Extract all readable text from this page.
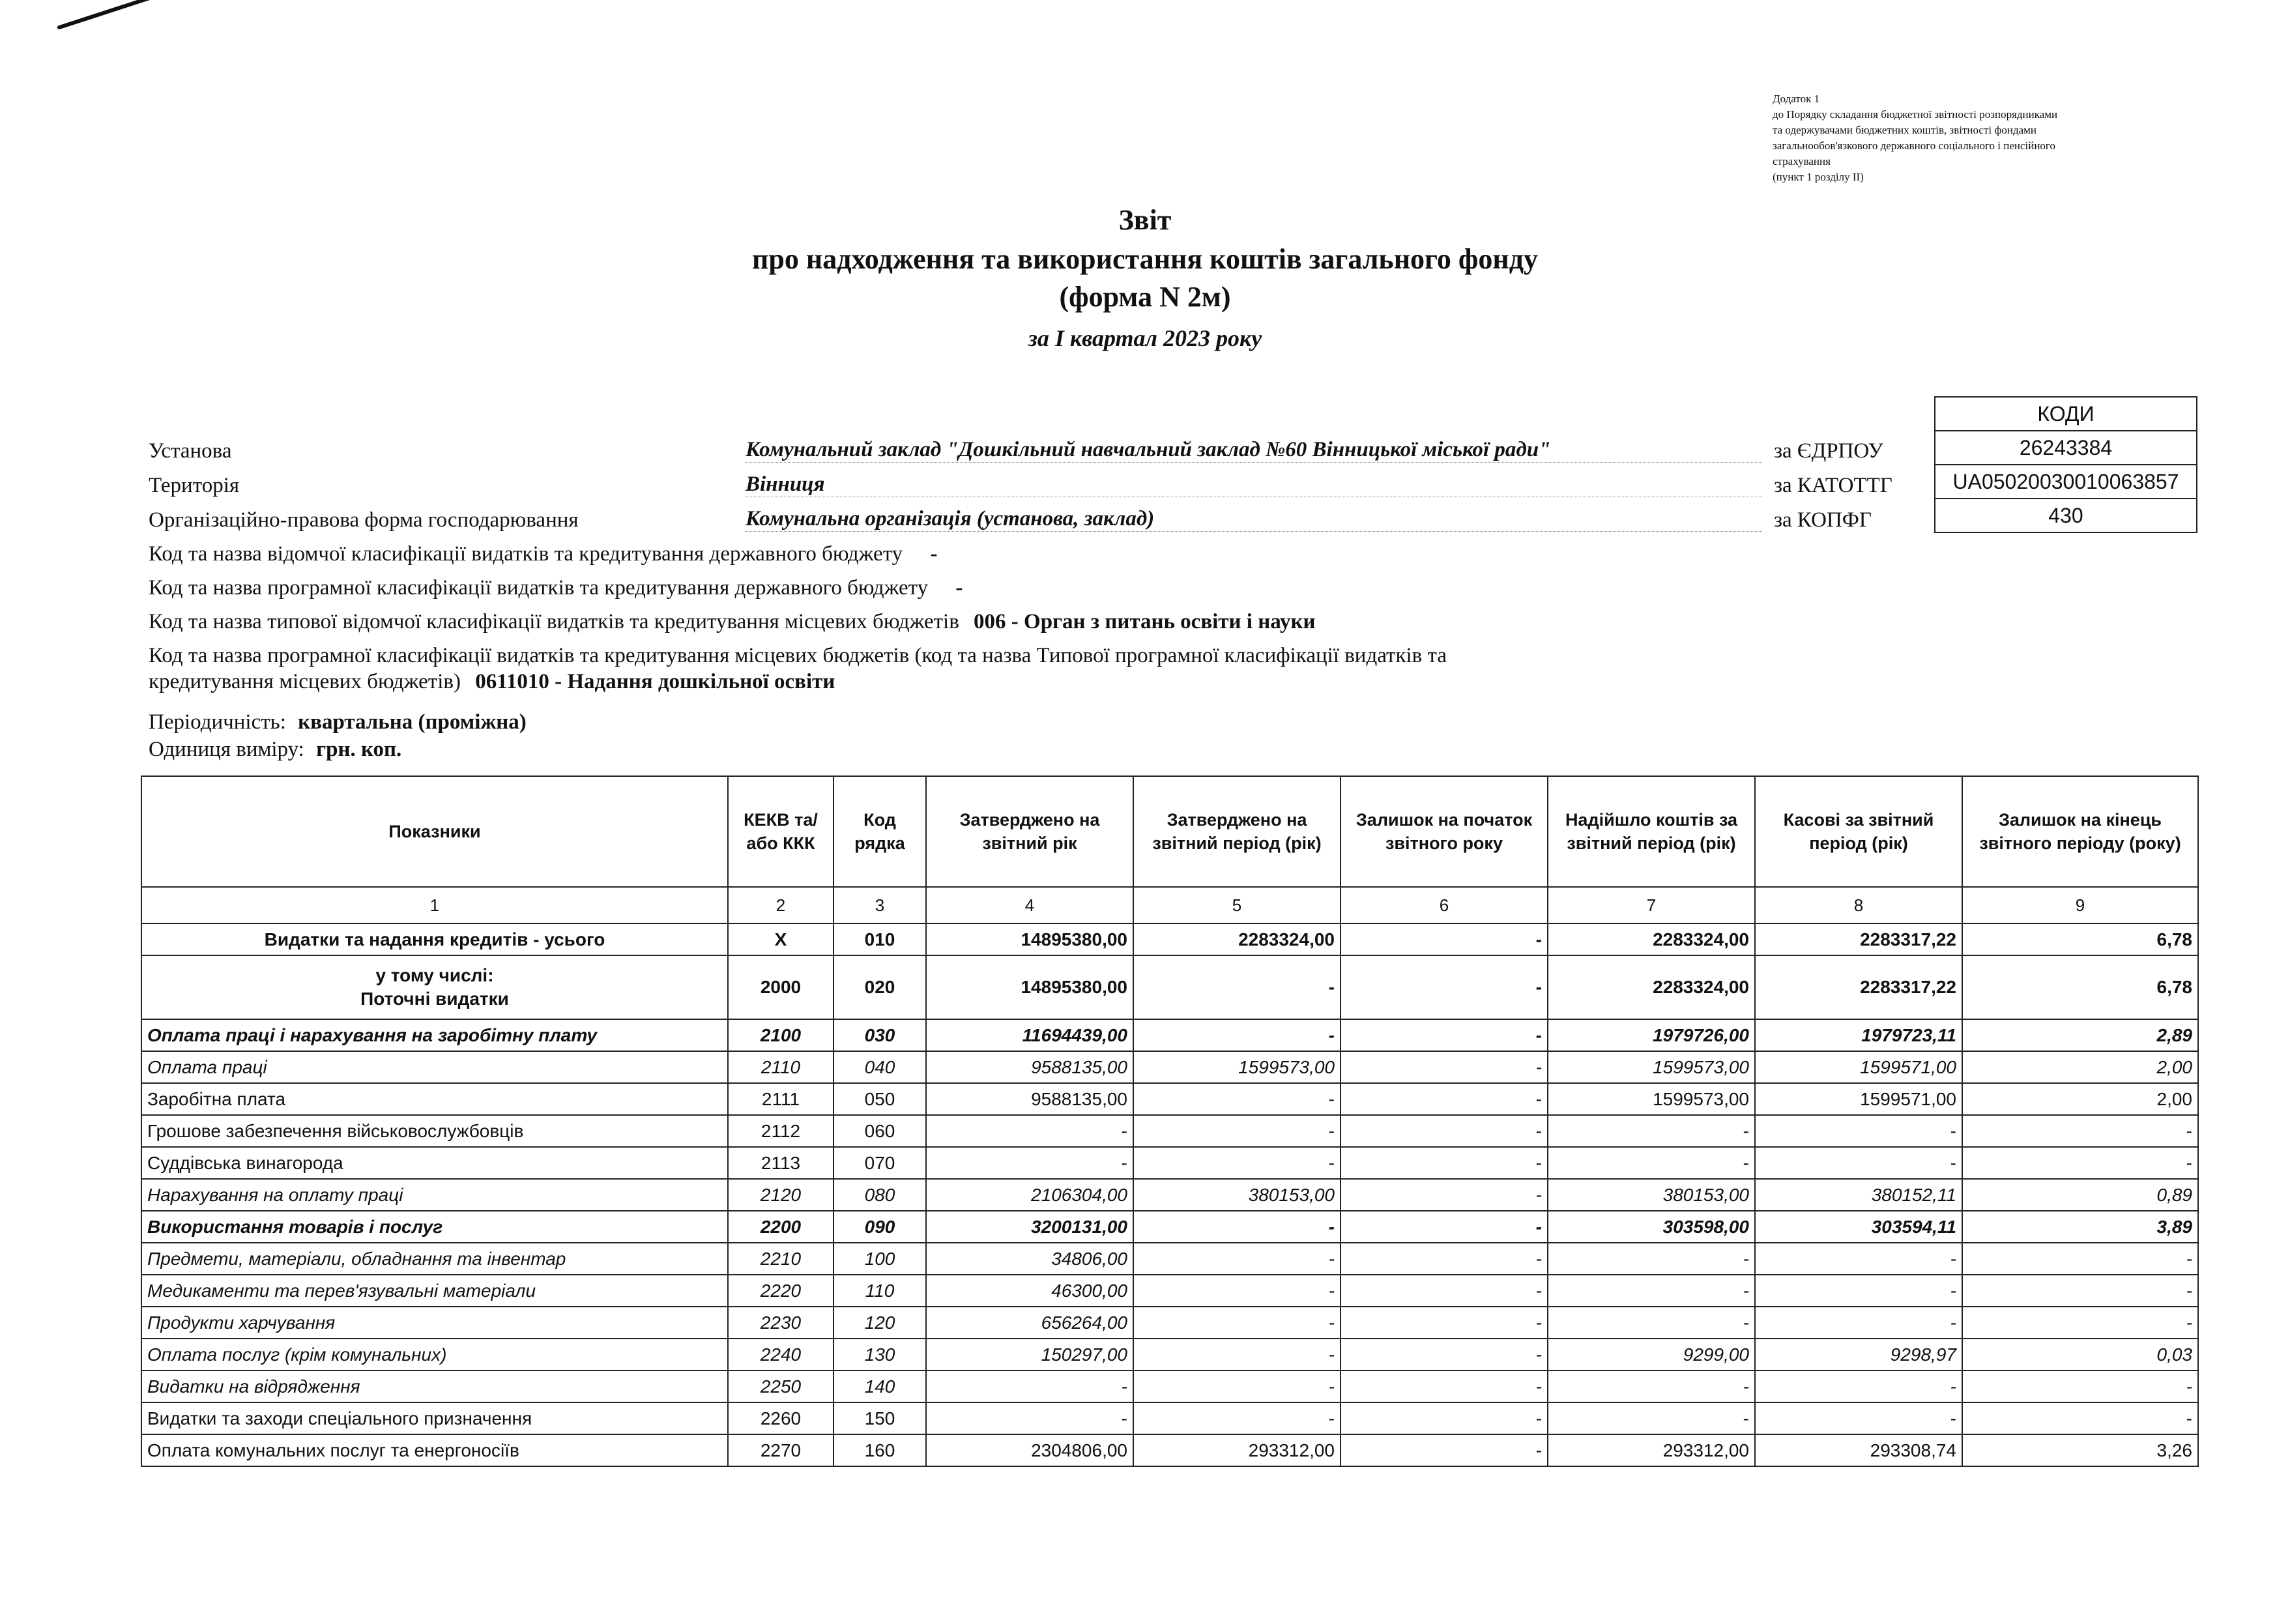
Додаток 1
до Порядку складання бюджетної звітності розпорядниками
та одержувачами бюджетних коштів, звітності фондами
загальнообов'язкового державного соціального і пенсійного
страхування
(пункт 1 розділу II)
Звіт
про надходження та використання коштів загального фонду
(форма N 2м)
за I квартал 2023 року
КОДИ
26243384
UA05020030010063857
430
за ЄДРПОУ
за КАТОТТГ
за КОПФГ
Установа	Комунальний заклад "Дошкільний навчальний заклад №60 Вінницької міської ради"
Територія	Вінниця
Організаційно-правова форма господарювання	Комунальна організація (установа, заклад)
Код та назва відомчої класифікації видатків та кредитування державного бюджету -
Код та назва програмної класифікації видатків та кредитування державного бюджету -
Код та назва типової відомчої класифікації видатків та кредитування місцевих бюджетів 006 - Орган з питань освіти і науки
Код та назва програмної класифікації видатків та кредитування місцевих бюджетів (код та назва Типової програмної класифікації видатків та
кредитування місцевих бюджетів) 0611010 - Надання дошкільної освіти
Періодичність: квартальна (проміжна)
Одиниця виміру: грн. коп.
Показники	КЕКВ та/або ККК	Код рядка	Затверджено на звітний рік	Затверджено на звітний період (рік)	Залишок на початок звітного року	Надійшло коштів за звітний період (рік)	Касові за звітний період (рік)	Залишок на кінець звітного періоду (року)
1	2	3	4	5	6	7	8	9
Видатки та надання кредитів - усього	X	010	14895380,00	2283324,00	-	2283324,00	2283317,22	6,78
у тому числі:
Поточні видатки	2000	020	14895380,00	-	-	2283324,00	2283317,22	6,78
Оплата праці і нарахування на заробітну плату	2100	030	11694439,00	-	-	1979726,00	1979723,11	2,89
Оплата праці	2110	040	9588135,00	1599573,00	-	1599573,00	1599571,00	2,00
Заробітна плата	2111	050	9588135,00	-	-	1599573,00	1599571,00	2,00
Грошове забезпечення військовослужбовців	2112	060	-	-	-	-	-	-
Суддівська винагорода	2113	070	-	-	-	-	-	-
Нарахування на оплату праці	2120	080	2106304,00	380153,00	-	380153,00	380152,11	0,89
Використання товарів і послуг	2200	090	3200131,00	-	-	303598,00	303594,11	3,89
Предмети, матеріали, обладнання та інвентар	2210	100	34806,00	-	-	-	-	-
Медикаменти та перев'язувальні матеріали	2220	110	46300,00	-	-	-	-	-
Продукти харчування	2230	120	656264,00	-	-	-	-	-
Оплата послуг (крім комунальних)	2240	130	150297,00	-	-	9299,00	9298,97	0,03
Видатки на відрядження	2250	140	-	-	-	-	-	-
Видатки та заходи спеціального призначення	2260	150	-	-	-	-	-	-
Оплата комунальних послуг та енергоносіїв	2270	160	2304806,00	293312,00	-	293312,00	293308,74	3,26
